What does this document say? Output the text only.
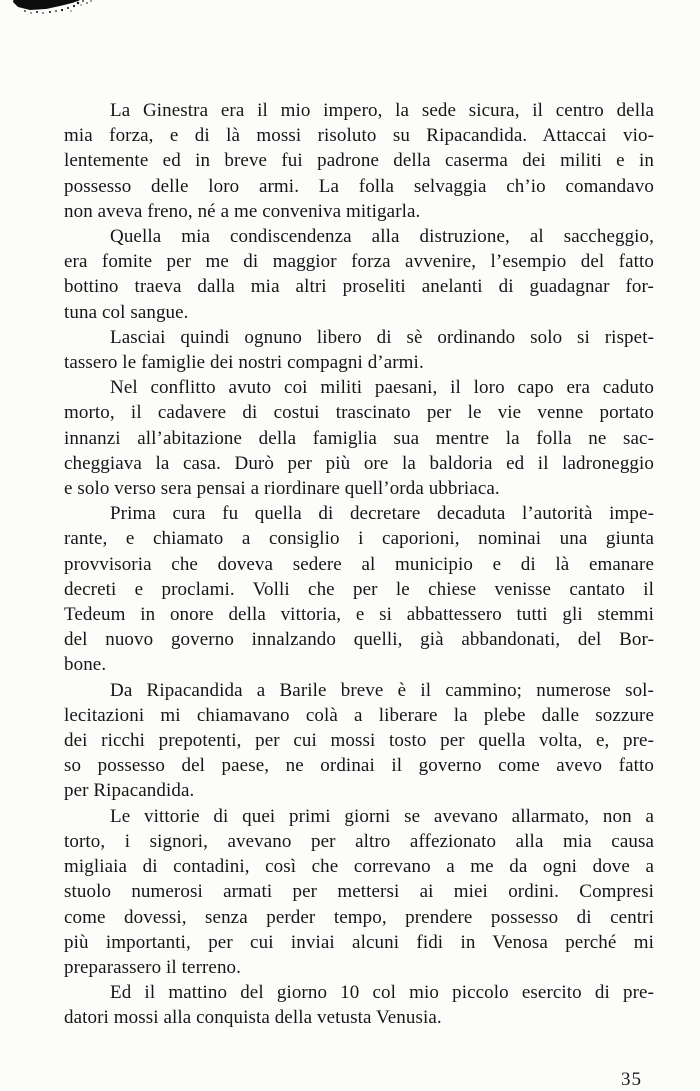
La Ginestra era il mio impero, la sede sicura, il centro della
mia forza, e di là mossi risoluto su Ripacandida. Attaccai vio-
lentemente ed in breve fui padrone della caserma dei militi e in
possesso delle loro armi. La folla selvaggia ch’io comandavo
non aveva freno, né a me conveniva mitigarla.
Quella mia condiscendenza alla distruzione, al saccheggio,
era fomite per me di maggior forza avvenire, l’esempio del fatto
bottino traeva dalla mia altri proseliti anelanti di guadagnar for-
tuna col sangue.
Lasciai quindi ognuno libero di sè ordinando solo si rispet-
tassero le famiglie dei nostri compagni d’armi.
Nel conflitto avuto coi militi paesani, il loro capo era caduto
morto, il cadavere di costui trascinato per le vie venne portato
innanzi all’abitazione della famiglia sua mentre la folla ne sac-
cheggiava la casa. Durò per più ore la baldoria ed il ladroneggio
e solo verso sera pensai a riordinare quell’orda ubbriaca.
Prima cura fu quella di decretare decaduta l’autorità impe-
rante, e chiamato a consiglio i caporioni, nominai una giunta
provvisoria che doveva sedere al municipio e di là emanare
decreti e proclami. Volli che per le chiese venisse cantato il
Tedeum in onore della vittoria, e si abbattessero tutti gli stemmi
del nuovo governo innalzando quelli, già abbandonati, del Bor-
bone.
Da Ripacandida a Barile breve è il cammino; numerose sol-
lecitazioni mi chiamavano colà a liberare la plebe dalle sozzure
dei ricchi prepotenti, per cui mossi tosto per quella volta, e, pre-
so possesso del paese, ne ordinai il governo come avevo fatto
per Ripacandida.
Le vittorie di quei primi giorni se avevano allarmato, non a
torto, i signori, avevano per altro affezionato alla mia causa
migliaia di contadini, così che correvano a me da ogni dove a
stuolo numerosi armati per mettersi ai miei ordini. Compresi
come dovessi, senza perder tempo, prendere possesso di centri
più importanti, per cui inviai alcuni fidi in Venosa perché mi
preparassero il terreno.
Ed il mattino del giorno 10 col mio piccolo esercito di pre-
datori mossi alla conquista della vetusta Venusia.
35
